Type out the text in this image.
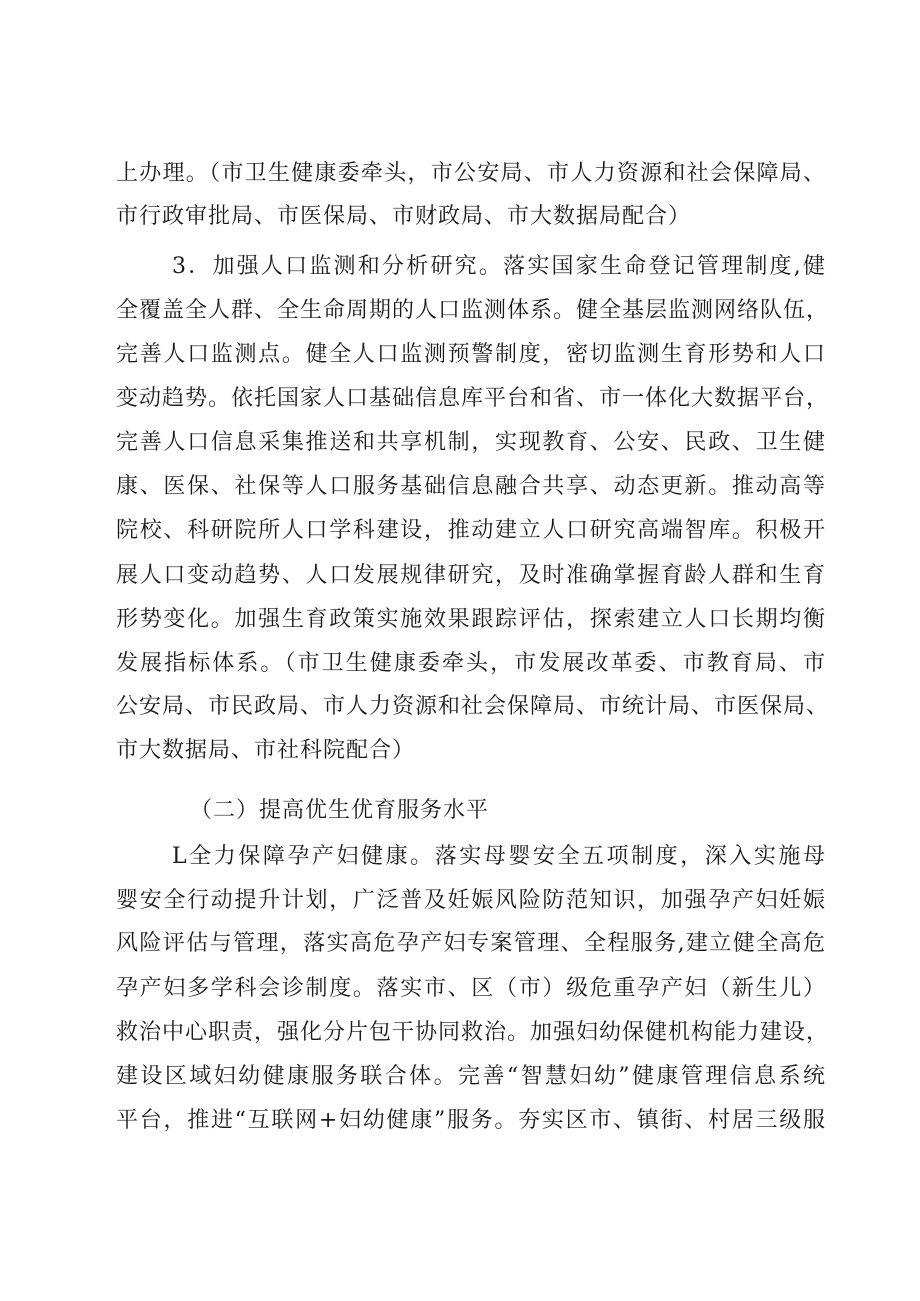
上办理。（市卫生健康委牵头，市公安局、市人力资源和社会保障局、
市行政审批局、市医保局、市财政局、市大数据局配合）
3．加强人口监测和分析研究。落实国家生命登记管理制度,健
全覆盖全人群、全生命周期的人口监测体系。健全基层监测网络队伍，
完善人口监测点。健全人口监测预警制度，密切监测生育形势和人口
变动趋势。依托国家人口基础信息库平台和省、市一体化大数据平台，
完善人口信息采集推送和共享机制，实现教育、公安、民政、卫生健
康、医保、社保等人口服务基础信息融合共享、动态更新。推动高等
院校、科研院所人口学科建设，推动建立人口研究高端智库。积极开
展人口变动趋势、人口发展规律研究，及时准确掌握育龄人群和生育
形势变化。加强生育政策实施效果跟踪评估，探索建立人口长期均衡
发展指标体系。（市卫生健康委牵头，市发展改革委、市教育局、市
公安局、市民政局、市人力资源和社会保障局、市统计局、市医保局、
市大数据局、市社科院配合）
（二）提高优生优育服务水平
L全力保障孕产妇健康。落实母婴安全五项制度，深入实施母
婴安全行动提升计划，广泛普及妊娠风险防范知识，加强孕产妇妊娠
风险评估与管理，落实高危孕产妇专案管理、全程服务,建立健全高危
孕产妇多学科会诊制度。落实市、区（市）级危重孕产妇（新生儿）
救治中心职责，强化分片包干协同救治。加强妇幼保健机构能力建设，
建设区域妇幼健康服务联合体。完善“智慧妇幼”健康管理信息系统
平台，推进“互联网+妇幼健康”服务。夯实区市、镇街、村居三级服
